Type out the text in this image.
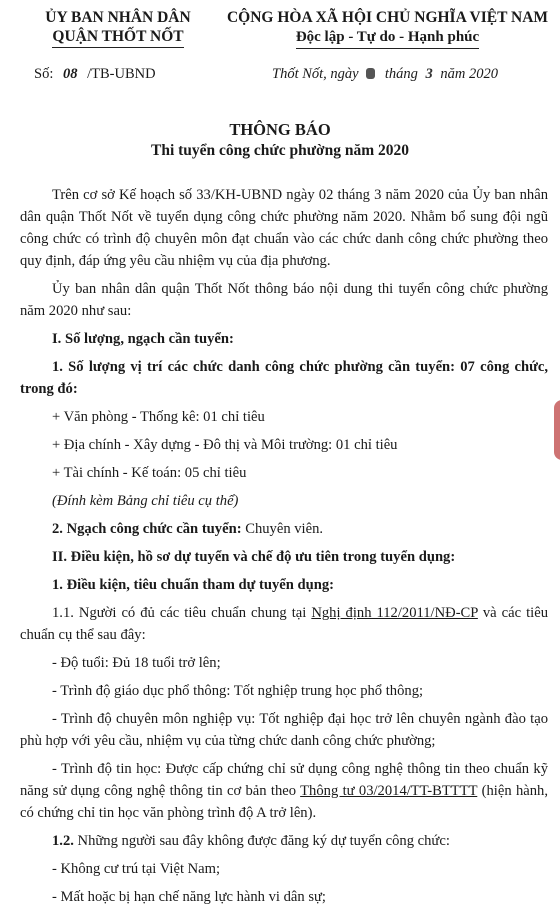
ỦY BAN NHÂN DÂN
QUẬN THỐT NỐT
CỘNG HÒA XÃ HỘI CHỦ NGHĨA VIỆT NAM
Độc lập - Tự do - Hạnh phúc
Số: 08 /TB-UBND	Thốt Nốt, ngày tháng 3 năm 2020
THÔNG BÁO
Thi tuyển công chức phường năm 2020

Trên cơ sở Kế hoạch số 33/KH-UBND ngày 02 tháng 3 năm 2020 của Ủy ban nhân dân quận Thốt Nốt về tuyển dụng công chức phường năm 2020. Nhằm bổ sung đội ngũ công chức có trình độ chuyên môn đạt chuẩn vào các chức danh công chức phường theo quy định, đáp ứng yêu cầu nhiệm vụ của địa phương.

Ủy ban nhân dân quận Thốt Nốt thông báo nội dung thi tuyển công chức phường năm 2020 như sau:

I. Số lượng, ngạch cần tuyển:

1. Số lượng vị trí các chức danh công chức phường cần tuyển: 07 công chức, trong đó:

+ Văn phòng - Thống kê: 01 chỉ tiêu

+ Địa chính - Xây dựng - Đô thị và Môi trường: 01 chỉ tiêu

+ Tài chính - Kế toán: 05 chỉ tiêu

(Đính kèm Bảng chỉ tiêu cụ thể)

2. Ngạch công chức cần tuyển: Chuyên viên.

II. Điều kiện, hồ sơ dự tuyển và chế độ ưu tiên trong tuyển dụng:

1. Điều kiện, tiêu chuẩn tham dự tuyển dụng:

1.1. Người có đủ các tiêu chuẩn chung tại Nghị định 112/2011/NĐ-CP và các tiêu chuẩn cụ thể sau đây:

- Độ tuổi: Đủ 18 tuổi trở lên;

- Trình độ giáo dục phổ thông: Tốt nghiệp trung học phổ thông;

- Trình độ chuyên môn nghiệp vụ: Tốt nghiệp đại học trở lên chuyên ngành đào tạo phù hợp với yêu cầu, nhiệm vụ của từng chức danh công chức phường;

- Trình độ tin học: Được cấp chứng chỉ sử dụng công nghệ thông tin theo chuẩn kỹ năng sử dụng công nghệ thông tin cơ bản theo Thông tư 03/2014/TT-BTTTT (hiện hành, có chứng chỉ tin học văn phòng trình độ A trở lên).

1.2. Những người sau đây không được đăng ký dự tuyển công chức:

- Không cư trú tại Việt Nam;

- Mất hoặc bị hạn chế năng lực hành vi dân sự;
